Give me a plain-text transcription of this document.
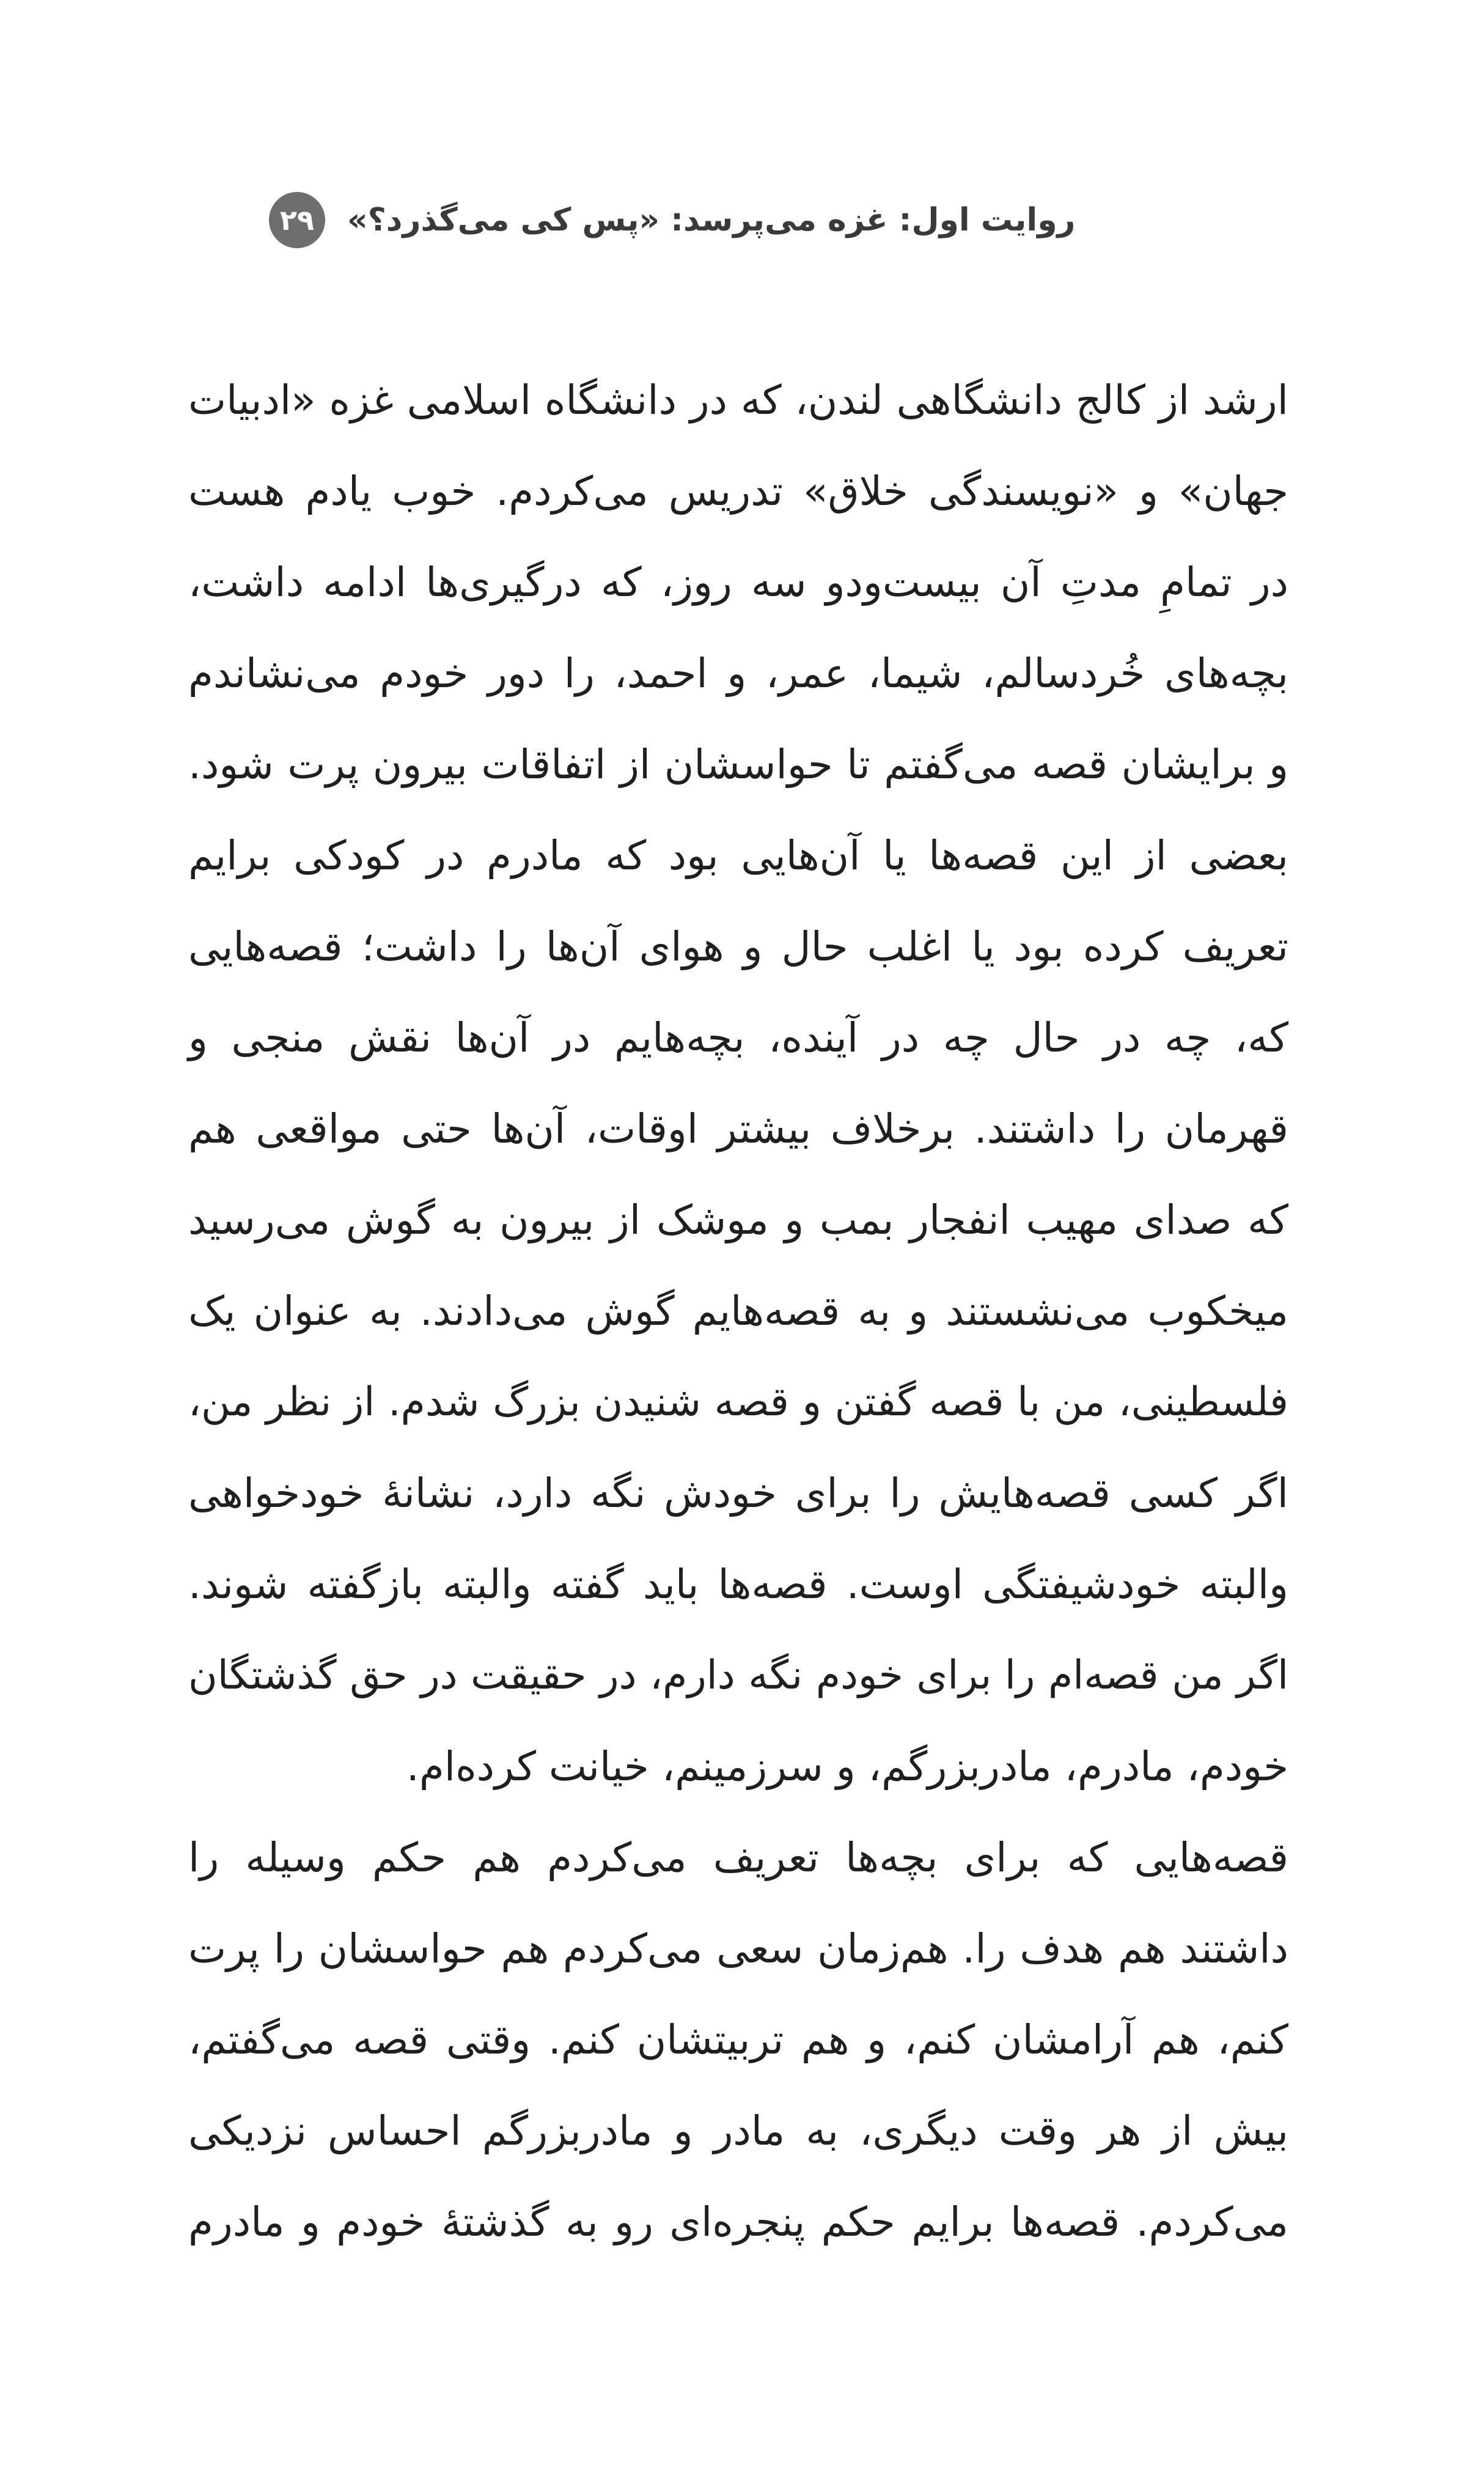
روایت اول: غزه می‌پرسد: «پس کی می‌گذرد؟»
۲۹
ارشد از کالج دانشگاهی لندن، که در دانشگاه اسلامی غزه «ادبیات
جهان» و «نویسندگی خلاق» تدریس می‌کردم. خوب یادم هست
در تمامِ مدتِ آن بیست‌ودو سه روز، که درگیری‌ها ادامه داشت،
بچه‌های خُردسالم، شیما، عمر، و احمد، را دور خودم می‌نشاندم
و برایشان قصه می‌گفتم تا حواسشان از اتفاقات بیرون پرت شود.
بعضی از این قصه‌ها یا آن‌هایی بود که مادرم در کودکی برایم
تعریف کرده بود یا اغلب حال و هوای آن‌ها را داشت؛ قصه‌هایی
که، چه در حال چه در آینده، بچه‌هایم در آن‌ها نقش منجی و
قهرمان را داشتند. برخلاف بیشتر اوقات، آن‌ها حتی مواقعی هم
که صدای مهیب انفجار بمب و موشک از بیرون به گوش می‌رسید
میخکوب می‌نشستند و به قصه‌هایم گوش می‌دادند. به عنوان یک
فلسطینی، من با قصه گفتن و قصه شنیدن بزرگ شدم. از نظر من،
اگر کسی قصه‌هایش را برای خودش نگه دارد، نشانهٔ خودخواهی
والبته خودشیفتگی اوست. قصه‌ها باید گفته والبته بازگفته شوند.
اگر من قصه‌ام را برای خودم نگه دارم، در حقیقت در حق گذشتگان
خودم، مادرم، مادربزرگم، و سرزمینم، خیانت کرده‌ام.
قصه‌هایی که برای بچه‌ها تعریف می‌کردم هم حکم وسیله را
داشتند هم هدف را. هم‌زمان سعی می‌کردم هم حواسشان را پرت
کنم، هم آرامشان کنم، و هم تربیتشان کنم. وقتی قصه می‌گفتم،
بیش از هر وقت دیگری، به مادر و مادربزرگم احساس نزدیکی
می‌کردم. قصه‌ها برایم حکم پنجره‌ای رو به گذشتهٔ خودم و مادرم
